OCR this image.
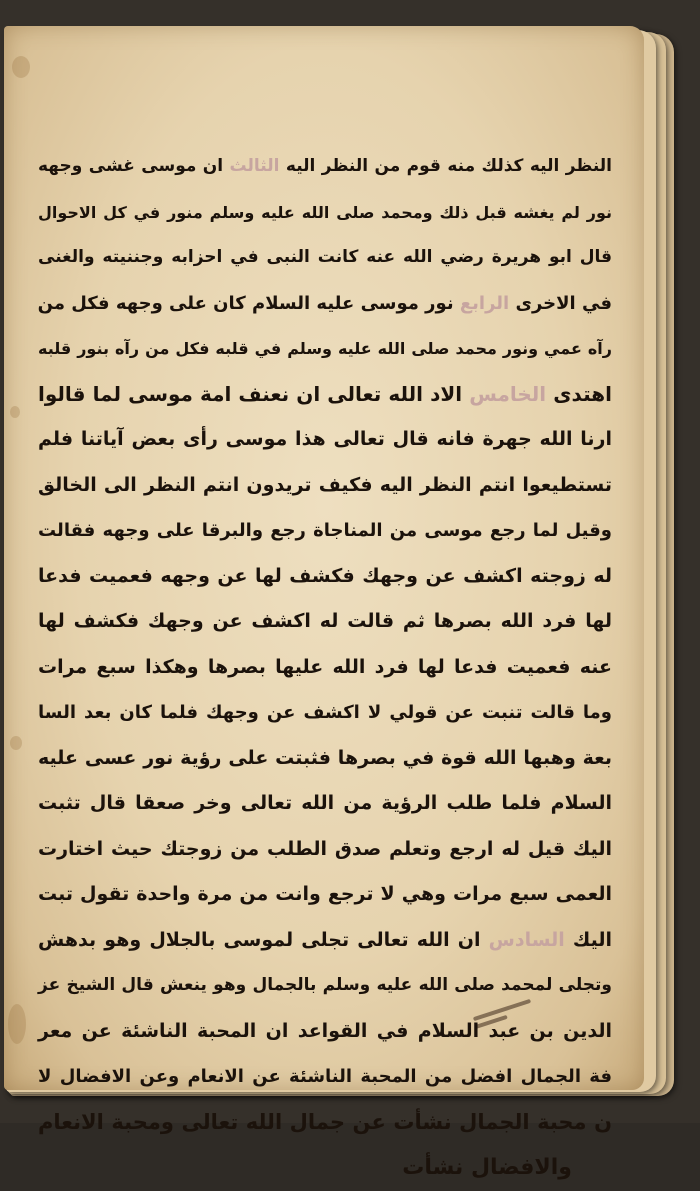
النظر اليه كذلك منه قوم من النظر اليه الثالث ان موسى غشى وجهه
نور لم يغشه قبل ذلك ومحمد صلى الله عليه وسلم منور في كل الاحوال
قال ابو هريرة رضي الله عنه كانت النبى في احزابه وجننيته والغنى
في الاخرى الرابع نور موسى عليه السلام كان على وجهه فكل من
رآه عمي ونور محمد صلى الله عليه وسلم في قلبه فكل من رآه بنور قلبه
اهتدى الخامس الاد الله تعالى ان نعنف امة موسى لما قالوا
ارنا الله جهرة فانه قال تعالى هذا موسى رأى بعض آياتنا فلم
تستطيعوا انتم النظر اليه فكيف تريدون انتم النظر الى الخالق
وقيل لما رجع موسى من المناجاة رجع والبرقا على وجهه فقالت
له زوجته اكشف عن وجهك فكشف لها عن وجهه فعميت فدعا
لها فرد الله بصرها ثم قالت له اكشف عن وجهك فكشف لها
عنه فعميت فدعا لها فرد الله عليها بصرها وهكذا سبع مرات
وما قالت تنبت عن قولي لا اكشف عن وجهك فلما كان بعد السا
بعة وهبها الله قوة في بصرها فثبتت على رؤية نور عسى عليه
السلام فلما طلب الرؤية من الله تعالى وخر صعقا قال تثبت
اليك قيل له ارجع وتعلم صدق الطلب من زوجتك حيث اختارت
العمى سبع مرات وهي لا ترجع وانت من مرة واحدة تقول تبت
اليك السادس ان الله تعالى تجلى لموسى بالجلال وهو بدهش
وتجلى لمحمد صلى الله عليه وسلم بالجمال وهو ينعش قال الشيخ عز
الدين بن عبد السلام في القواعد ان المحبة الناشئة عن معر
فة الجمال افضل من المحبة الناشئة عن الانعام وعن الافضال لا
ن محبة الجمال نشأت عن جمال الله تعالى ومحبة الانعام
والافضال نشأت
